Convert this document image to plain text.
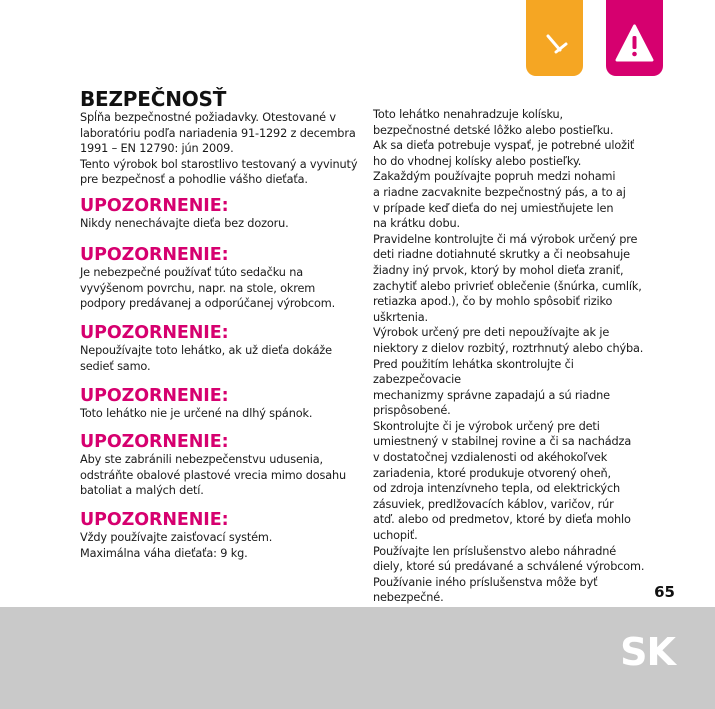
BEZPEČNOSŤ

Spĺňa bezpečnostné požiadavky. Otestované v
laboratóriu podľa nariadenia 91-1292 z decembra
1991 – EN 12790: jún 2009.
Tento výrobok bol starostlivo testovaný a vyvinutý
pre bezpečnosť a pohodlie vášho dieťaťa.

UPOZORNENIE:

Nikdy nenechávajte dieťa bez dozoru.

UPOZORNENIE:

Je nebezpečné používať túto sedačku na
vyvýšenom povrchu, napr. na stole, okrem
podpory predávanej a odporúčanej výrobcom.

UPOZORNENIE:

Nepoužívajte toto lehátko, ak už dieťa dokáže
sedieť samo.

UPOZORNENIE:

Toto lehátko nie je určené na dlhý spánok.

UPOZORNENIE:

Aby ste zabránili nebezpečenstvu udusenia,
odstráňte obalové plastové vrecia mimo dosahu
batoliat a malých detí.

UPOZORNENIE:

Vždy používajte zaisťovací systém.
Maximálna váha dieťaťa: 9 kg.

Toto lehátko nenahradzuje kolísku,
bezpečnostné detské lôžko alebo postieľku.
Ak sa dieťa potrebuje vyspať, je potrebné uložiť
ho do vhodnej kolísky alebo postieľky.
Zakaždým používajte popruh medzi nohami
a riadne zacvaknite bezpečnostný pás, a to aj
v prípade keď dieťa do nej umiestňujete len
na krátku dobu.
Pravidelne kontrolujte či má výrobok určený pre
deti riadne dotiahnuté skrutky a či neobsahuje
žiadny iný prvok, ktorý by mohol dieťa zraniť,
zachytiť alebo privrieť oblečenie (šnúrka, cumlík,
retiazka apod.), čo by mohlo spôsobiť riziko
uškrtenia.
Výrobok určený pre deti nepoužívajte ak je
niektory z dielov rozbitý, roztrhnutý alebo chýba.
Pred použitím lehátka skontrolujte či zabezpečovacie
mechanizmy správne zapadajú a sú riadne
prispôsobené.
Skontrolujte či je výrobok určený pre deti
umiestnený v stabilnej rovine a či sa nachádza
v dostatočnej vzdialenosti od akéhokoľvek
zariadenia, ktoré produkuje otvorený oheň,
od zdroja intenzívneho tepla, od elektrických
zásuviek, predlžovacích káblov, varičov, rúr
atď. alebo od predmetov, ktoré by dieťa mohlo
uchopiť.
Používajte len príslušenstvo alebo náhradné
diely, ktoré sú predávané a schválené výrobcom.
Používanie iného príslušenstva môže byť
nebezpečné.	65

SK
